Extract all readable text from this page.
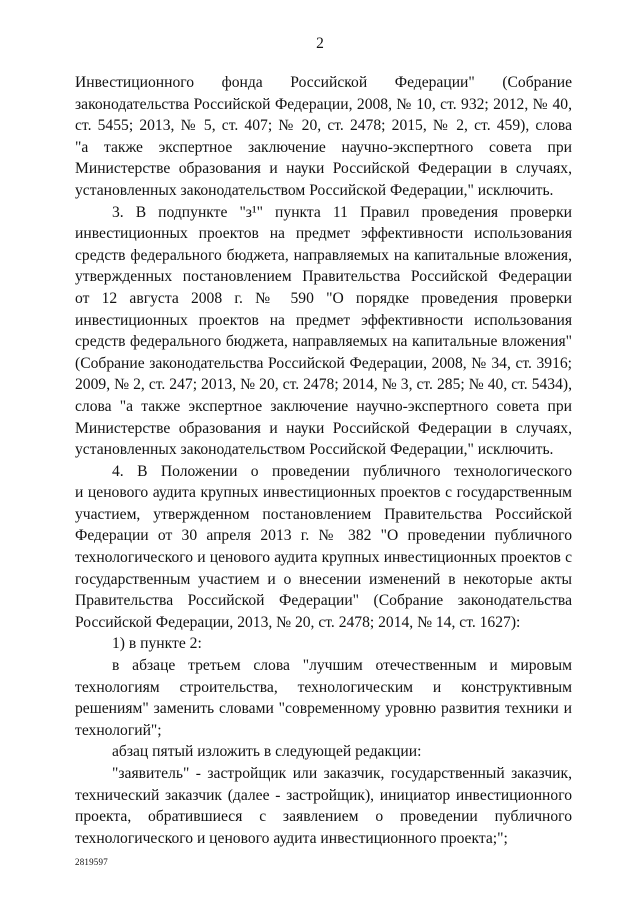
2

Инвестиционного фонда Российской Федерации" (Собрание
законодательства Российской Федерации, 2008, № 10, ст. 932; 2012, № 40,
ст. 5455; 2013, № 5, ст. 407; № 20, ст. 2478; 2015, № 2, ст. 459), слова
"а также экспертное заключение научно-экспертного совета при
Министерстве образования и науки Российской Федерации в случаях,
установленных законодательством Российской Федерации," исключить.

3. В подпункте "з¹" пункта 11 Правил проведения проверки
инвестиционных проектов на предмет эффективности использования
средств федерального бюджета, направляемых на капитальные вложения,
утвержденных постановлением Правительства Российской Федерации
от 12 августа 2008 г. № 590 "О порядке проведения проверки
инвестиционных проектов на предмет эффективности использования
средств федерального бюджета, направляемых на капитальные вложения"
(Собрание законодательства Российской Федерации, 2008, № 34, ст. 3916;
2009, № 2, ст. 247; 2013, № 20, ст. 2478; 2014, № 3, ст. 285; № 40, ст. 5434),
слова "а также экспертное заключение научно-экспертного совета при
Министерстве образования и науки Российской Федерации в случаях,
установленных законодательством Российской Федерации," исключить.

4. В Положении о проведении публичного технологического
и ценового аудита крупных инвестиционных проектов с государственным
участием, утвержденном постановлением Правительства Российской
Федерации от 30 апреля 2013 г. № 382 "О проведении публичного
технологического и ценового аудита крупных инвестиционных проектов с
государственным участием и о внесении изменений в некоторые акты
Правительства Российской Федерации" (Собрание законодательства
Российской Федерации, 2013, № 20, ст. 2478; 2014, № 14, ст. 1627):

1) в пункте 2:

в абзаце третьем слова "лучшим отечественным и мировым
технологиям строительства, технологическим и конструктивным
решениям" заменить словами "современному уровню развития техники и
технологий";

абзац пятый изложить в следующей редакции:

"заявитель" - застройщик или заказчик, государственный заказчик,
технический заказчик (далее - застройщик), инициатор инвестиционного
проекта, обратившиеся с заявлением о проведении публичного
технологического и ценового аудита инвестиционного проекта;";

2819597
